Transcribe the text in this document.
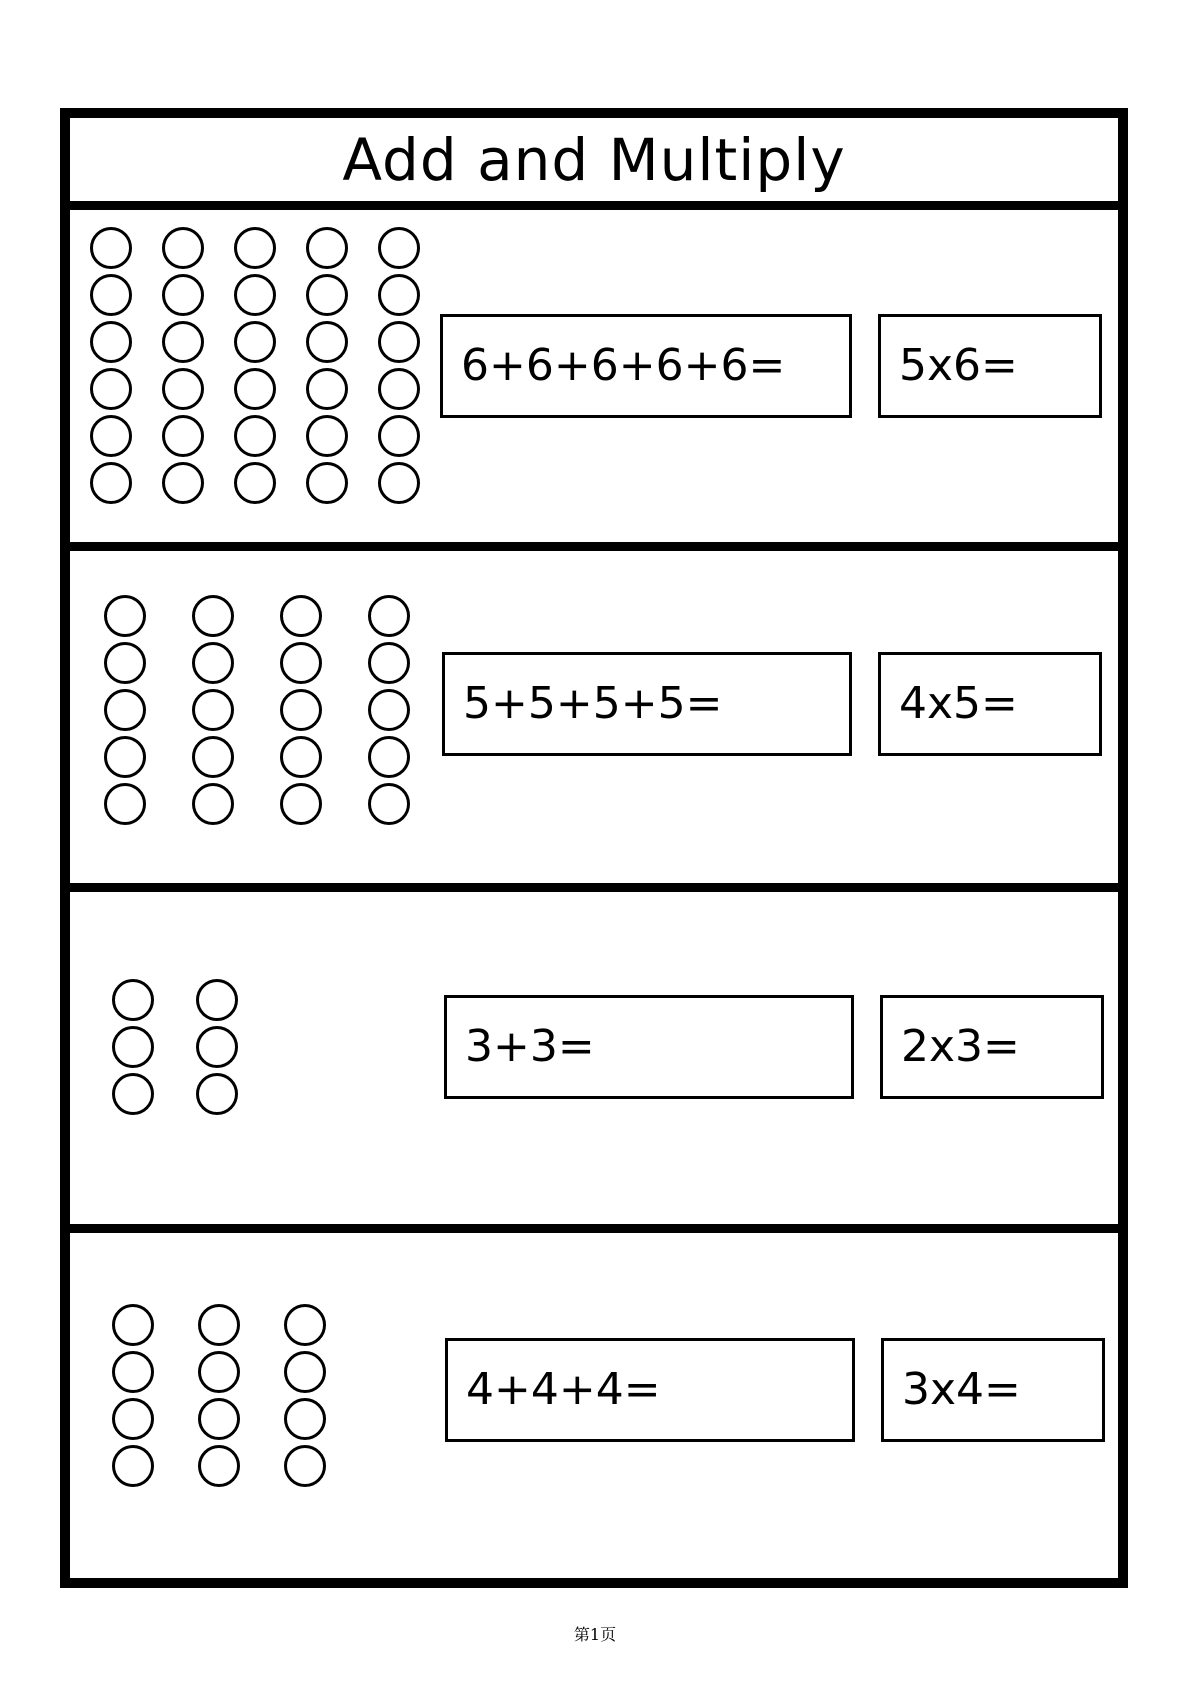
Add and Multiply
6+6+6+6+6=	5x6=
5+5+5+5=	4x5=
3+3=	2x3=
4+4+4=	3x4=
第1页
